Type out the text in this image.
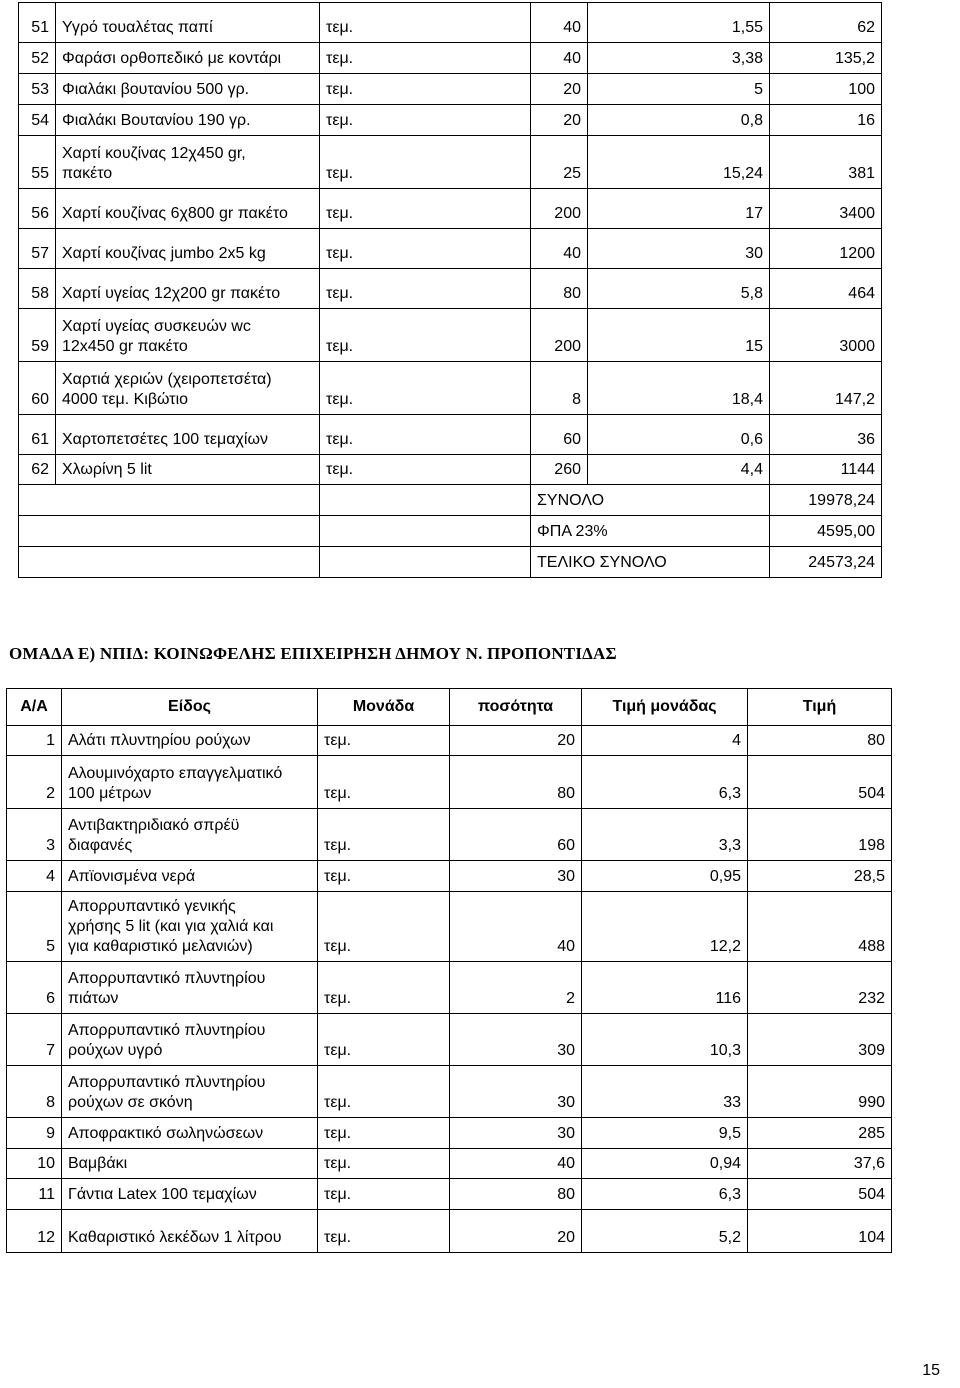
51	Υγρό τουαλέτας παπί	τεμ.	40	1,55	62
52	Φαράσι ορθοπεδικό με κοντάρι	τεμ.	40	3,38	135,2
53	Φιαλάκι βουτανίου 500 γρ.	τεμ.	20	5	100
54	Φιαλάκι Βουτανίου 190 γρ.	τεμ.	20	0,8	16
55	Χαρτί κουζίνας 12χ450 gr,
πακέτο	τεμ.	25	15,24	381
56	Χαρτί κουζίνας 6χ800 gr πακέτο	τεμ.	200	17	3400
57	Χαρτί κουζίνας jumbo 2x5 kg	τεμ.	40	30	1200
58	Χαρτί υγείας 12χ200 gr πακέτο	τεμ.	80	5,8	464
59	Χαρτί υγείας συσκευών wc
12x450 gr πακέτο	τεμ.	200	15	3000
60	Χαρτιά χεριών (χειροπετσέτα)
4000 τεμ. Κιβώτιο	τεμ.	8	18,4	147,2
61	Χαρτοπετσέτες 100 τεμαχίων	τεμ.	60	0,6	36
62	Χλωρίνη 5 lit	τεμ.	260	4,4	1144
			ΣΥΝΟΛΟ		19978,24
			ΦΠΑ 23%		4595,00
			ΤΕΛΙΚΟ ΣΥΝΟΛΟ		24573,24
ΟΜΑΔΑ Ε) ΝΠΙΔ: ΚΟΙΝΩΦΕΛΗΣ ΕΠΙΧΕΙΡΗΣΗ ΔΗΜΟΥ Ν. ΠΡΟΠΟΝΤΙΔΑΣ
Α/Α	Είδος	Μονάδα	ποσότητα	Τιμή μονάδας	Τιμή
1	Αλάτι πλυντηρίου ρούχων	τεμ.	20	4	80
2	Αλουμινόχαρτο επαγγελματικό
100 μέτρων	τεμ.	80	6,3	504
3	Αντιβακτηριδιακό σπρέϋ
διαφανές	τεμ.	60	3,3	198
4	Απϊονισμένα νερά	τεμ.	30	0,95	28,5
5	Απορρυπαντικό γενικής
χρήσης 5 lit (και για χαλιά και
για καθαριστικό μελανιών)	τεμ.	40	12,2	488
6	Απορρυπαντικό πλυντηρίου
πιάτων	τεμ.	2	116	232
7	Απορρυπαντικό πλυντηρίου
ρούχων υγρό	τεμ.	30	10,3	309
8	Απορρυπαντικό πλυντηρίου
ρούχων σε σκόνη	τεμ.	30	33	990
9	Αποφρακτικό σωληνώσεων	τεμ.	30	9,5	285
10	Βαμβάκι	τεμ.	40	0,94	37,6
11	Γάντια Latex 100 τεμαχίων	τεμ.	80	6,3	504
12	Καθαριστικό λεκέδων 1 λίτρου	τεμ.	20	5,2	104
15
